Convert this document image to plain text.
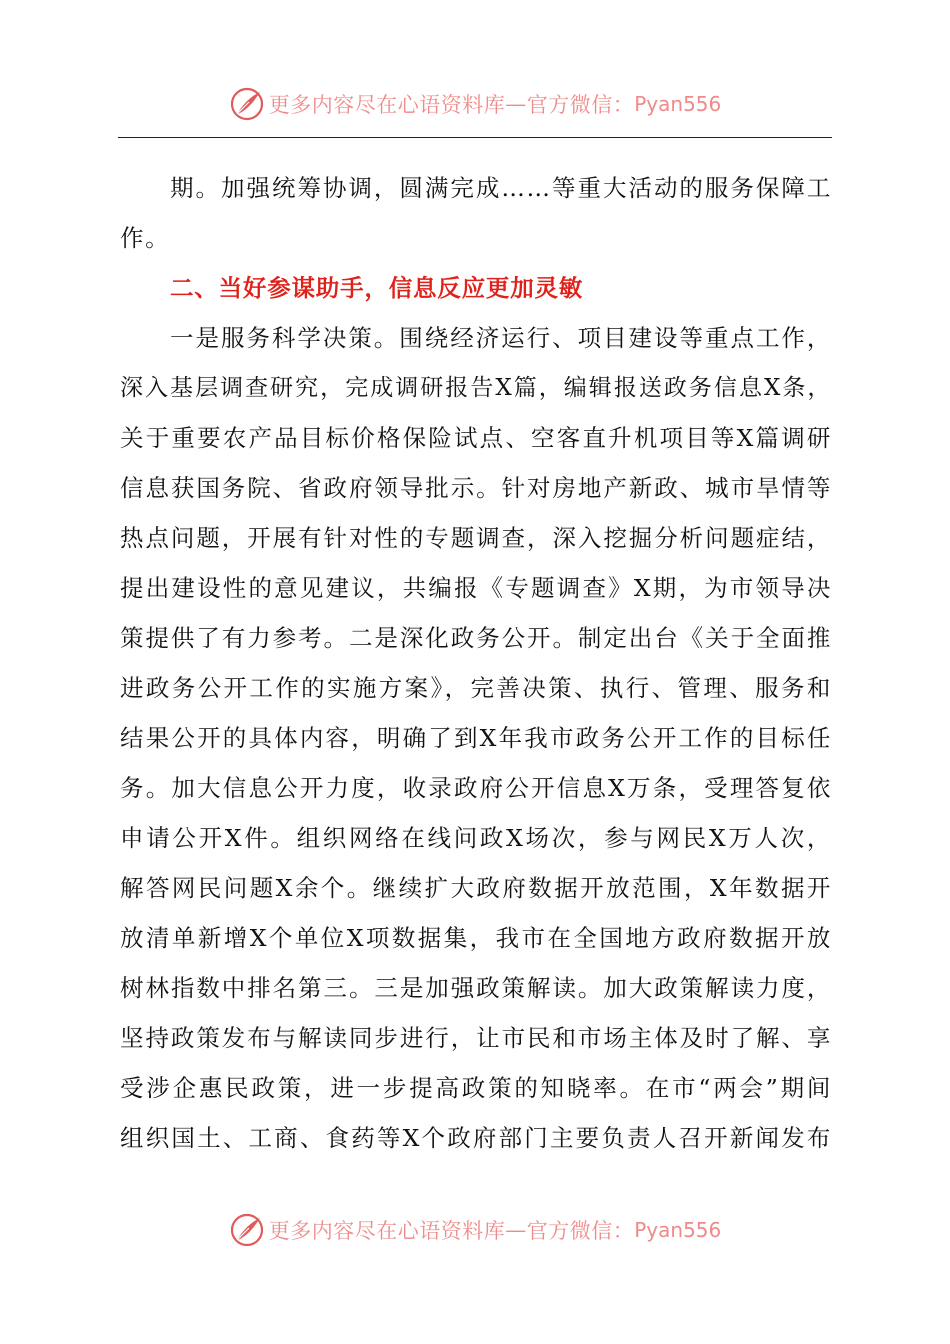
更多内容尽在心语资料库 — 官方微信： Pyan556
期。加强统筹协调，圆满完成……等重大活动的服务保障工
作。
二、当好参谋助手，信息反应更加灵敏
一是服务科学决策。围绕经济运行、项目建设等重点工作，
深入基层调查研究，完成调研报告X篇，编辑报送政务信息X条，
关于重要农产品目标价格保险试点、空客直升机项目等X篇调研
信息获国务院、省政府领导批示。针对房地产新政、城市旱情等
热点问题，开展有针对性的专题调查，深入挖掘分析问题症结，
提出建设性的意见建议，共编报《专题调查》X期，为市领导决
策提供了有力参考。二是深化政务公开。制定出台《关于全面推
进政务公开工作的实施方案》，完善决策、执行、管理、服务和
结果公开的具体内容，明确了到X年我市政务公开工作的目标任
务。加大信息公开力度，收录政府公开信息X万条，受理答复依
申请公开X件。组织网络在线问政X场次，参与网民X万人次，
解答网民问题X余个。继续扩大政府数据开放范围，X年数据开
放清单新增X个单位X项数据集，我市在全国地方政府数据开放
树林指数中排名第三。三是加强政策解读。加大政策解读力度，
坚持政策发布与解读同步进行，让市民和市场主体及时了解、享
受涉企惠民政策，进一步提高政策的知晓率。在市“两会”期间
组织国土、工商、食药等X个政府部门主要负责人召开新闻发布
更多内容尽在心语资料库 — 官方微信： Pyan556
